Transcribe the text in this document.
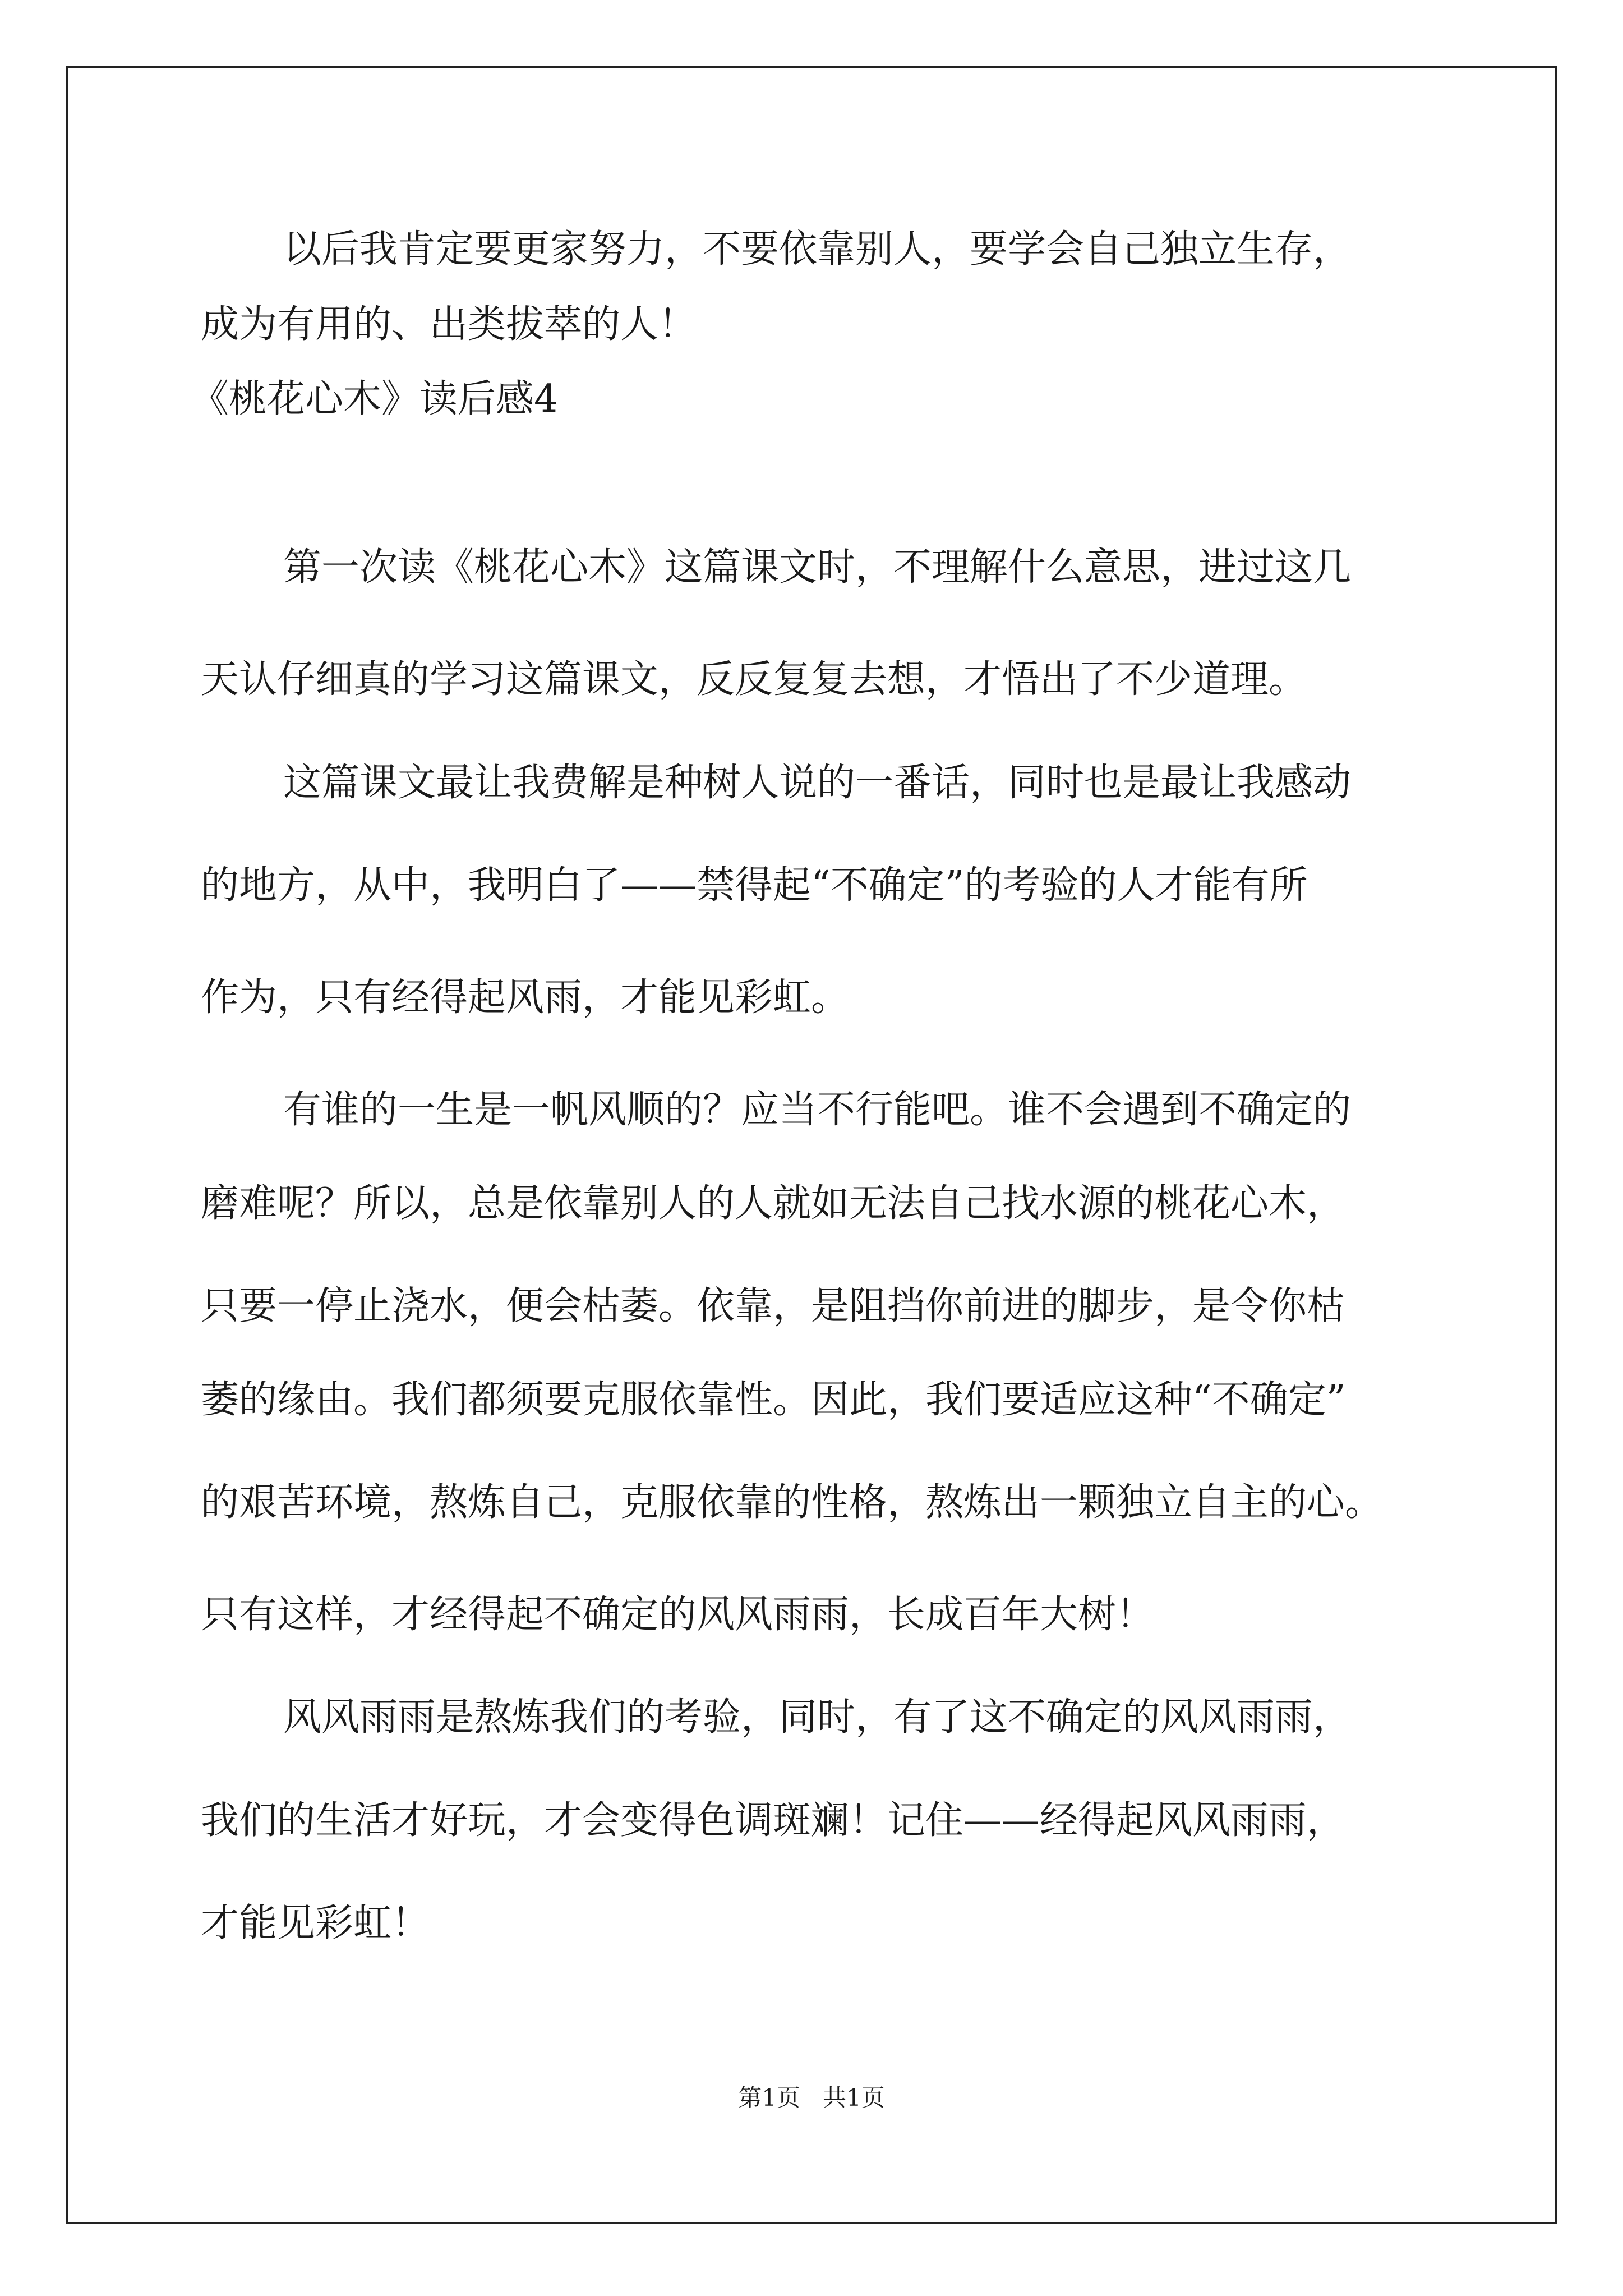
以后我肯定要更家努力，不要依靠别人，要学会自己独立生存，
成为有用的、出类拔萃的人！
《桃花心木》读后感4
第一次读《桃花心木》这篇课文时，不理解什么意思，进过这几
天认仔细真的学习这篇课文，反反复复去想，才悟出了不少道理。
这篇课文最让我费解是种树人说的一番话，同时也是最让我感动
的地方，从中，我明白了——禁得起“不确定”的考验的人才能有所
作为，只有经得起风雨，才能见彩虹。
有谁的一生是一帆风顺的？应当不行能吧。谁不会遇到不确定的
磨难呢？所以，总是依靠别人的人就如无法自己找水源的桃花心木，
只要一停止浇水，便会枯萎。依靠，是阻挡你前进的脚步，是令你枯
萎的缘由。我们都须要克服依靠性。因此，我们要适应这种“不确定”
的艰苦环境，熬炼自己，克服依靠的性格，熬炼出一颗独立自主的心。
只有这样，才经得起不确定的风风雨雨，长成百年大树！
风风雨雨是熬炼我们的考验，同时，有了这不确定的风风雨雨，
我们的生活才好玩，才会变得色调斑斓！记住——经得起风风雨雨，
才能见彩虹！
第1页   共1页
